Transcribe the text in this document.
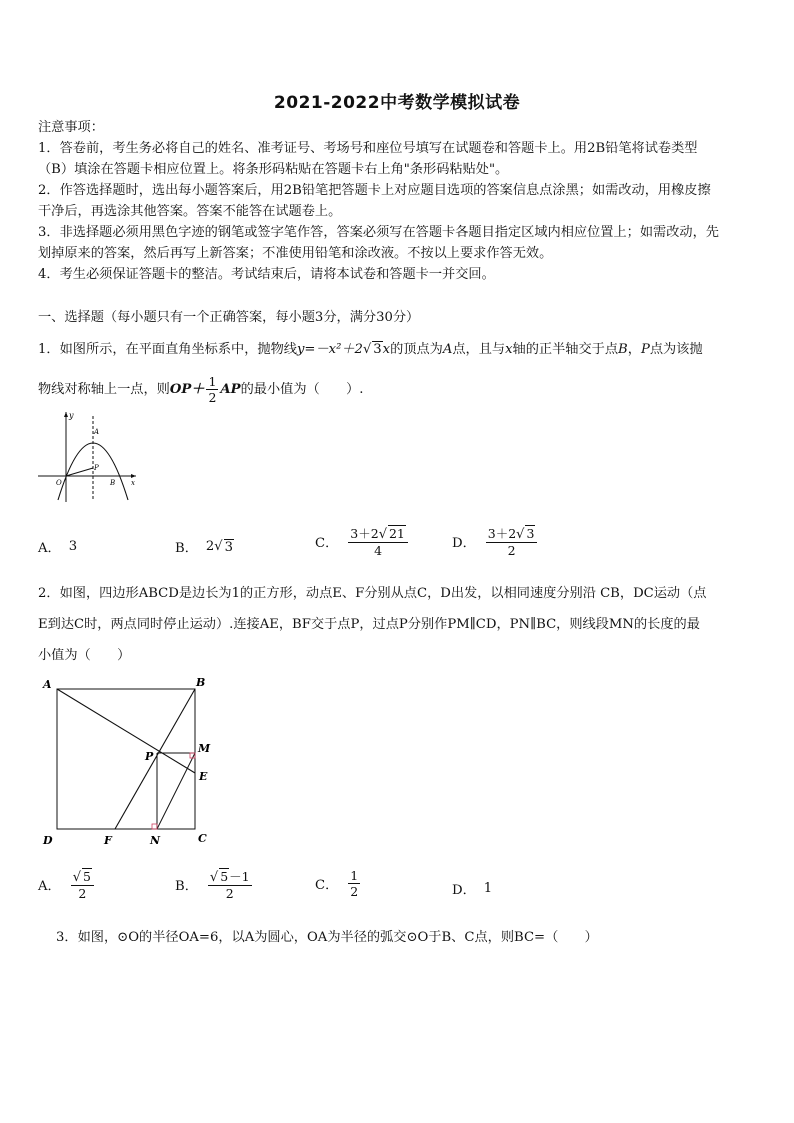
2021-2022中考数学模拟试卷
注意事项：
1．答卷前，考生务必将自己的姓名、准考证号、考场号和座位号填写在试题卷和答题卡上。用2B铅笔将试卷类型
（B）填涂在答题卡相应位置上。将条形码粘贴在答题卡右上角"条形码粘贴处"。
2．作答选择题时，选出每小题答案后，用2B铅笔把答题卡上对应题目选项的答案信息点涂黑；如需改动，用橡皮擦
干净后，再选涂其他答案。答案不能答在试题卷上。
3．非选择题必须用黑色字迹的钢笔或签字笔作答，答案必须写在答题卡各题目指定区域内相应位置上；如需改动，先
划掉原来的答案，然后再写上新答案；不准使用铅笔和涂改液。不按以上要求作答无效。
4．考生必须保证答题卡的整洁。考试结束后，请将本试卷和答题卡一并交回。
一、选择题（每小题只有一个正确答案，每小题3分，满分30分）
1．如图所示，在平面直角坐标系中，抛物线y=－x²＋2√ 3x的顶点为A点，且与x轴的正半轴交于点B，P点为该抛
物线对称轴上一点，则$OP+ \frac{1}{2}$ AP的最小值为（　　）.
y
A
P
O	B x
A． 3	B． 2 √ 3	C． $\frac{3+2√ 21}{4}$	D． $\frac{3+2√ 3}{2}$
2．如图，四边形ABCD是边长为1的正方形，动点E、F分别从点C，D出发，以相同速度分别沿 CB，DC运动（点
E到达C时，两点同时停止运动）.连接AE，BF交于点P，过点P分别作PM∥CD，PN∥BC，则线段MN的长度的最
小值为（　　）
A	B
M
P
E
D	F	N	C
A． $\frac{√ 5}{2}$	B． $\frac{√ 5-1}{2}$	C． $\frac{1}{2}$	D． 1
3．如图，⊙O的半径OA=6，以A为圆心，OA为半径的弧交⊙O于B、C点，则BC=（　　）
